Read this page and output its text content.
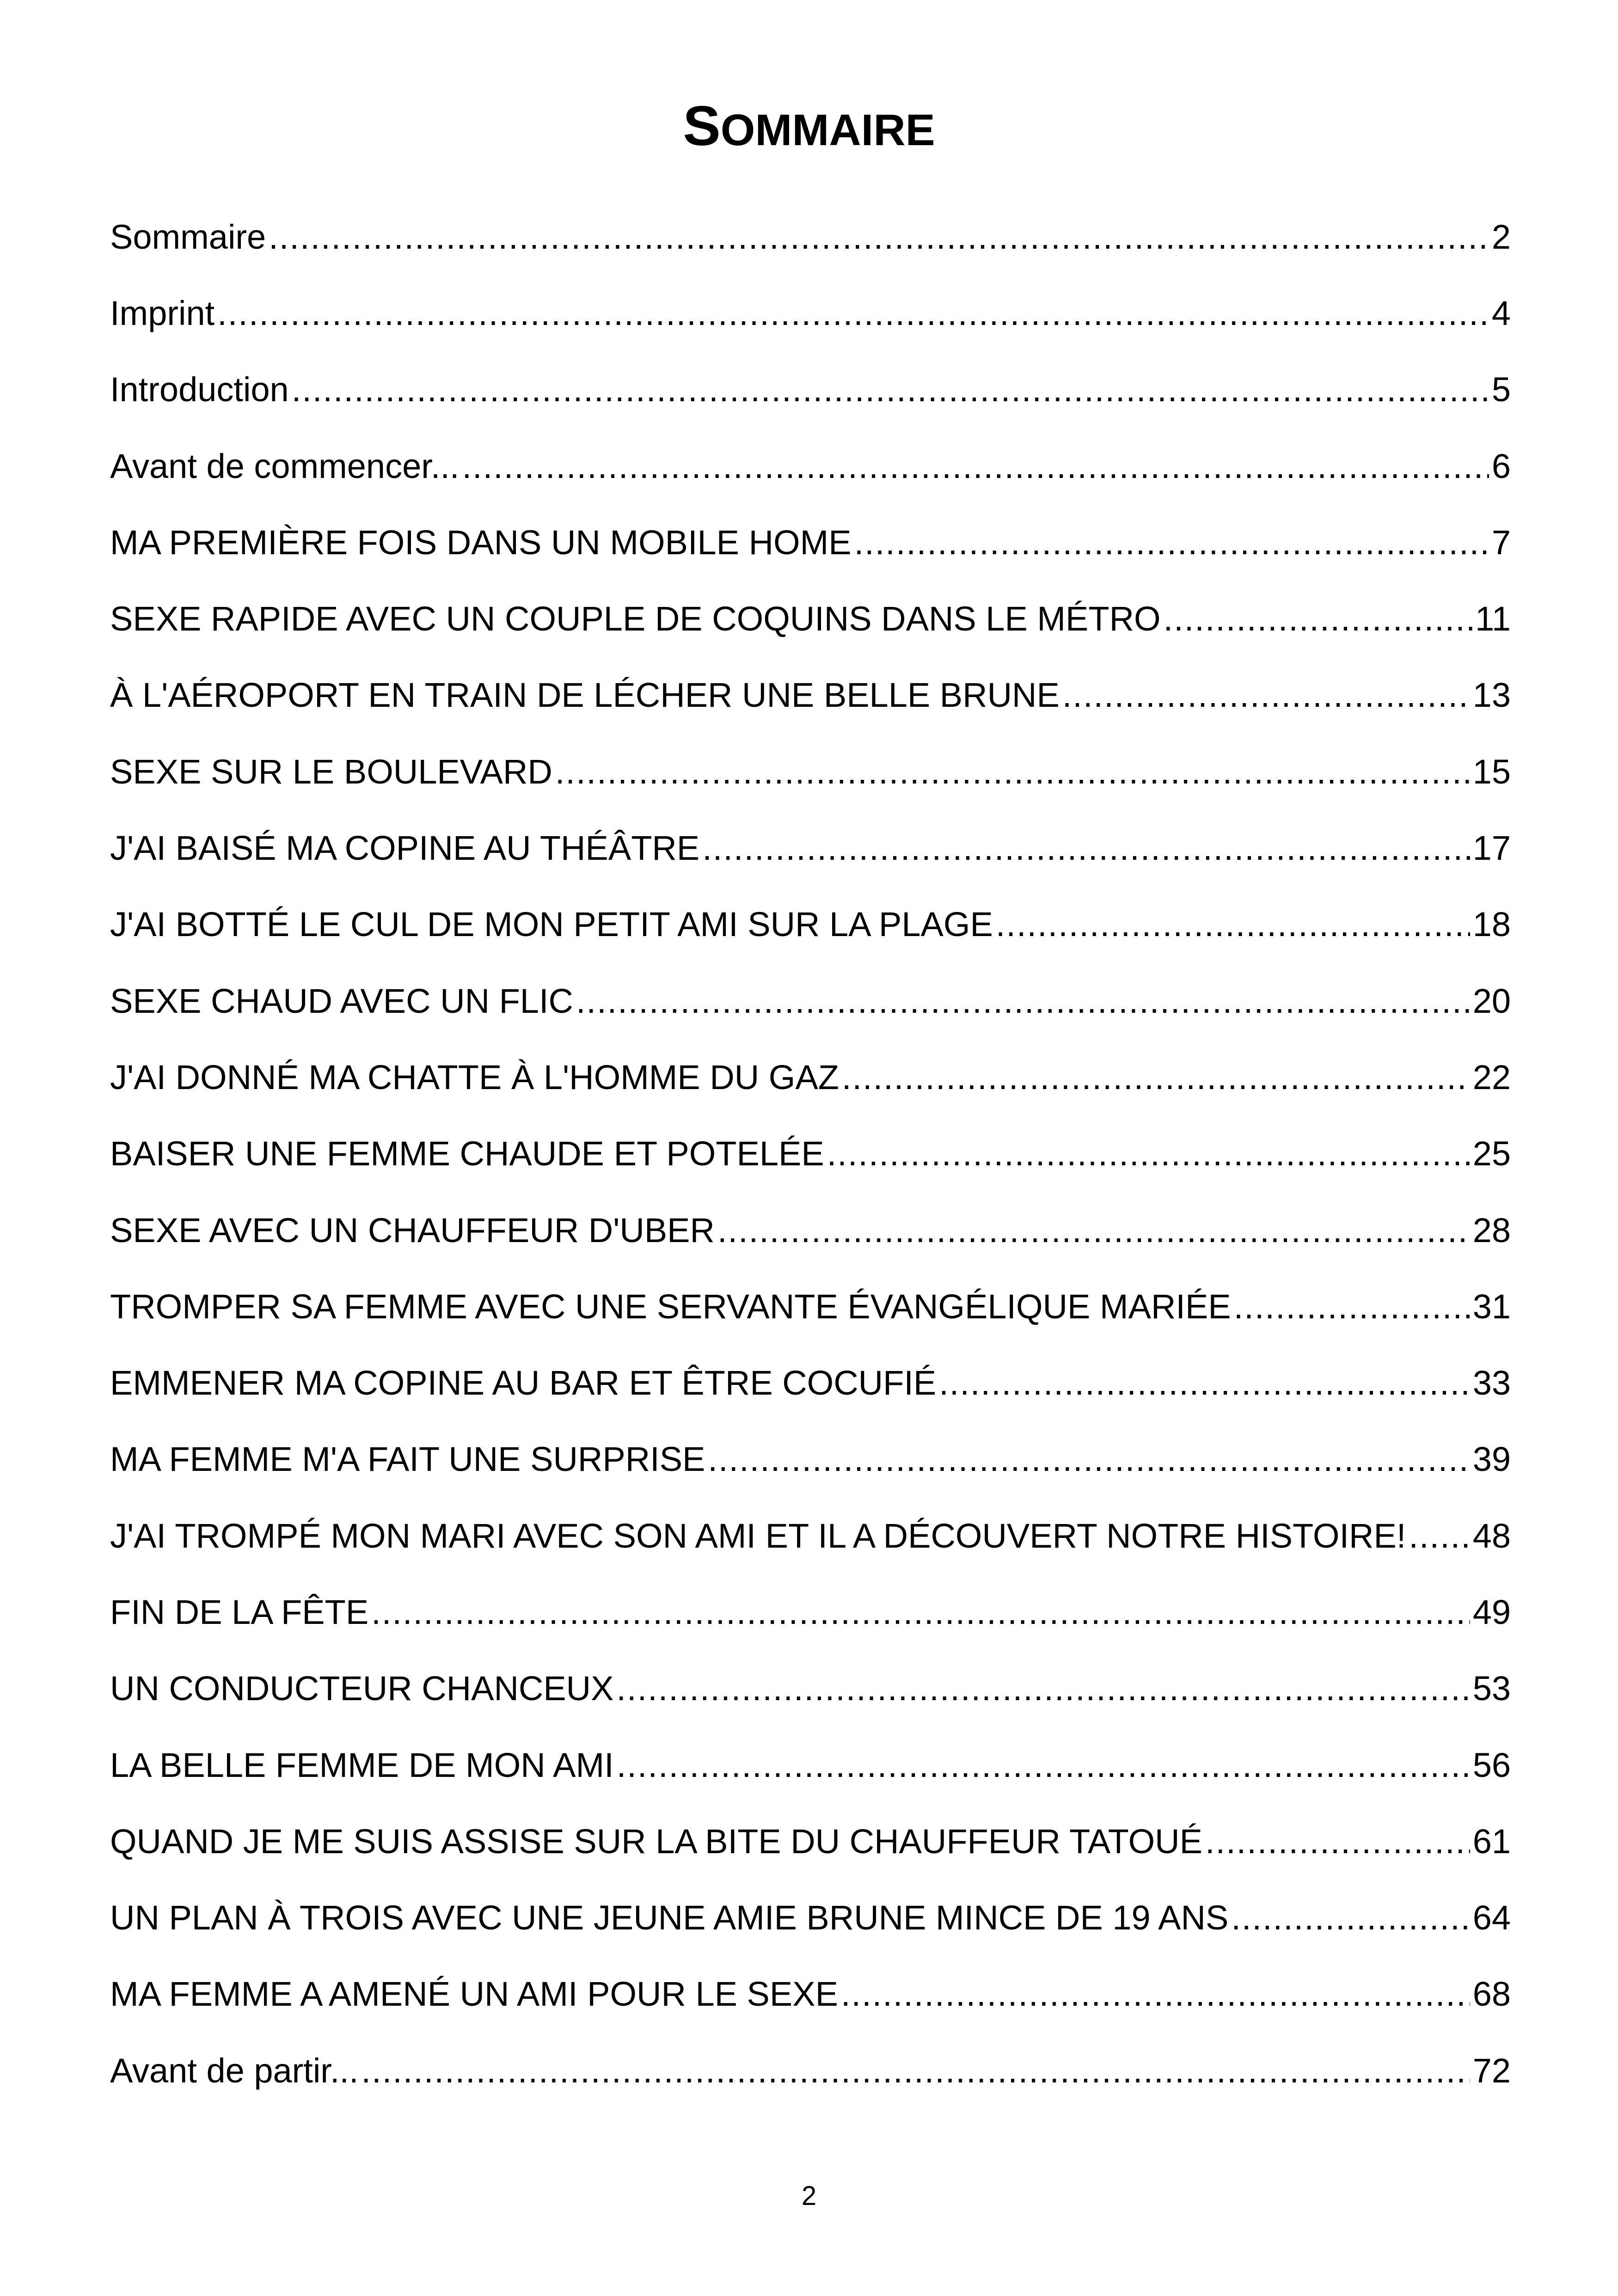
SOMMAIRE
Sommaire .....	2
Imprint .....	4
Introduction .....	5
Avant de commencer... .....	6
MA PREMIÈRE FOIS DANS UN MOBILE HOME .....	7
SEXE RAPIDE AVEC UN COUPLE DE COQUINS DANS LE MÉTRO .....	11
À L'AÉROPORT EN TRAIN DE LÉCHER UNE BELLE BRUNE .....	13
SEXE SUR LE BOULEVARD .....	15
J'AI BAISÉ MA COPINE AU THÉÂTRE .....	17
J'AI BOTTÉ LE CUL DE MON PETIT AMI SUR LA PLAGE .....	18
SEXE CHAUD AVEC UN FLIC .....	20
J'AI DONNÉ MA CHATTE À L'HOMME DU GAZ .....	22
BAISER UNE FEMME CHAUDE ET POTELÉE .....	25
SEXE AVEC UN CHAUFFEUR D'UBER .....	28
TROMPER SA FEMME AVEC UNE SERVANTE ÉVANGÉLIQUE MARIÉE .....	31
EMMENER MA COPINE AU BAR ET ÊTRE COCUFIÉ .....	33
MA FEMME M'A FAIT UNE SURPRISE .....	39
J'AI TROMPÉ MON MARI AVEC SON AMI ET IL A DÉCOUVERT NOTRE HISTOIRE! ..... 48
FIN DE LA FÊTE .....	49
UN CONDUCTEUR CHANCEUX .....	53
LA BELLE FEMME DE MON AMI .....	56
QUAND JE ME SUIS ASSISE SUR LA BITE DU CHAUFFEUR TATOUÉ .....	61
UN PLAN À TROIS AVEC UNE JEUNE AMIE BRUNE MINCE DE 19 ANS .....	64
MA FEMME A AMENÉ UN AMI POUR LE SEXE .....	68
Avant de partir... .....	72
2
